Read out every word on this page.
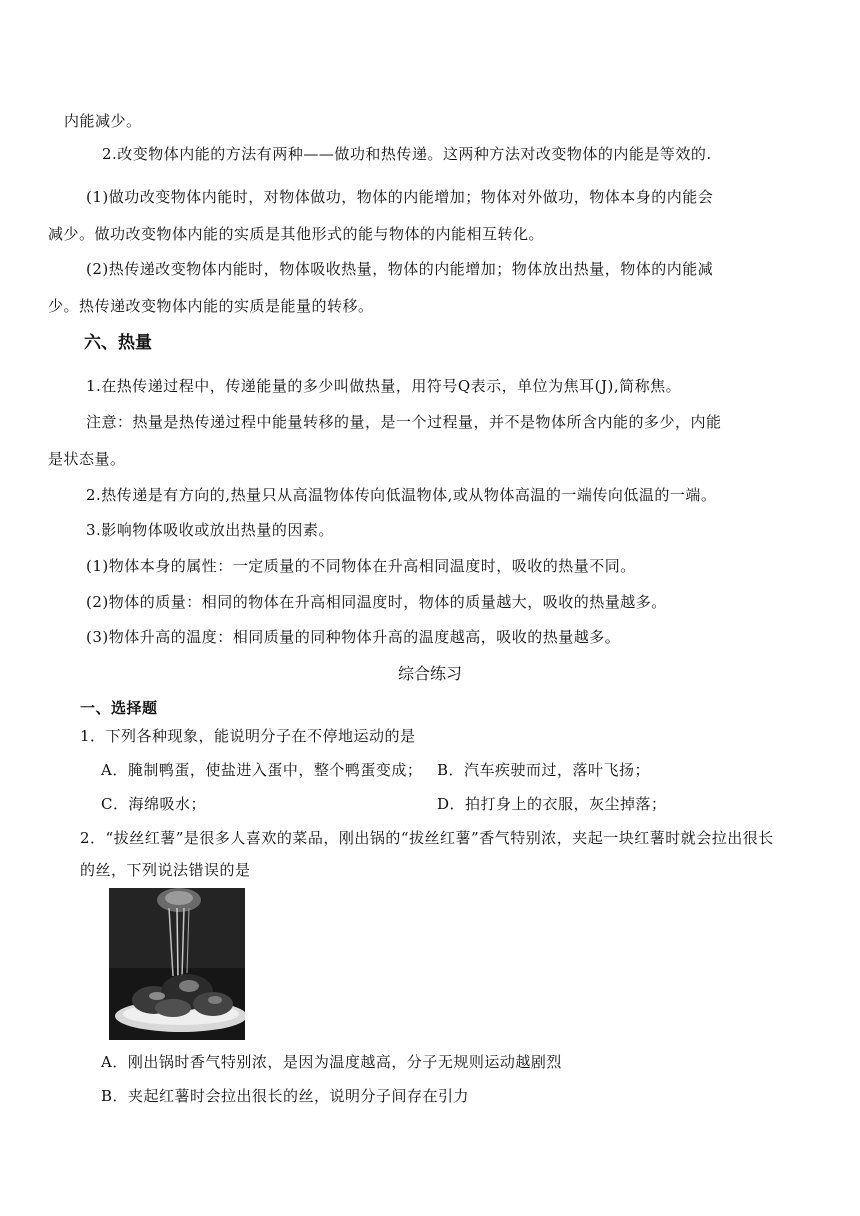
内能减少。
2.改变物体内能的方法有两种——做功和热传递。这两种方法对改变物体的内能是等效的.
(1)做功改变物体内能时，对物体做功，物体的内能增加；物体对外做功，物体本身的内能会
减少。做功改变物体内能的实质是其他形式的能与物体的内能相互转化。
(2)热传递改变物体内能时，物体吸收热量，物体的内能增加；物体放出热量，物体的内能减
少。热传递改变物体内能的实质是能量的转移。
六、热量
1.在热传递过程中，传递能量的多少叫做热量，用符号Q表示，单位为焦耳(J),简称焦。
注意：热量是热传递过程中能量转移的量，是一个过程量，并不是物体所含内能的多少，内能
是状态量。
2.热传递是有方向的,热量只从高温物体传向低温物体,或从物体高温的一端传向低温的一端。
3.影响物体吸收或放出热量的因素。
(1)物体本身的属性：一定质量的不同物体在升高相同温度时，吸收的热量不同。
(2)物体的质量：相同的物体在升高相同温度时，物体的质量越大，吸收的热量越多。
(3)物体升高的温度：相同质量的同种物体升高的温度越高，吸收的热量越多。
综合练习
一、选择题
1．下列各种现象，能说明分子在不停地运动的是
A．腌制鸭蛋，使盐进入蛋中，整个鸭蛋变成； B．汽车疾驶而过，落叶飞扬；
C．海绵吸水；	D．拍打身上的衣服，灰尘掉落；
2．“拔丝红薯”是很多人喜欢的菜品，刚出锅的“拔丝红薯”香气特别浓，夹起一块红薯时就会拉出很长
的丝，下列说法错误的是
A．刚出锅时香气特别浓，是因为温度越高，分子无规则运动越剧烈
B．夹起红薯时会拉出很长的丝，说明分子间存在引力
